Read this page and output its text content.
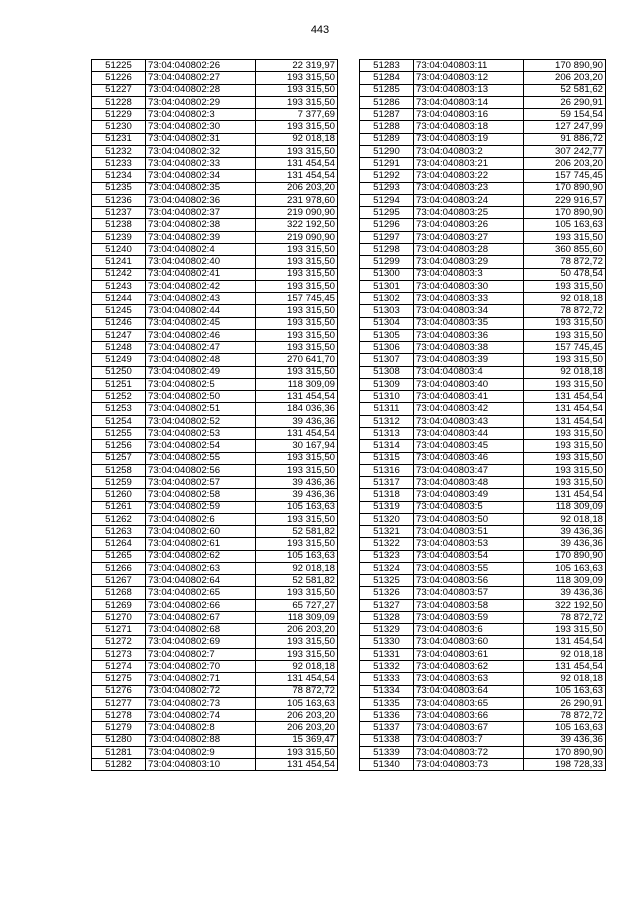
443
51225	73:04:040802:26	22 319,97
51226	73:04:040802:27	193 315,50
51227	73:04:040802:28	193 315,50
51228	73:04:040802:29	193 315,50
51229	73:04:040802:3	7 377,69
51230	73:04:040802:30	193 315,50
51231	73:04:040802:31	92 018,18
51232	73:04:040802:32	193 315,50
51233	73:04:040802:33	131 454,54
51234	73:04:040802:34	131 454,54
51235	73:04:040802:35	206 203,20
51236	73:04:040802:36	231 978,60
51237	73:04:040802:37	219 090,90
51238	73:04:040802:38	322 192,50
51239	73:04:040802:39	219 090,90
51240	73:04:040802:4	193 315,50
51241	73:04:040802:40	193 315,50
51242	73:04:040802:41	193 315,50
51243	73:04:040802:42	193 315,50
51244	73:04:040802:43	157 745,45
51245	73:04:040802:44	193 315,50
51246	73:04:040802:45	193 315,50
51247	73:04:040802:46	193 315,50
51248	73:04:040802:47	193 315,50
51249	73:04:040802:48	270 641,70
51250	73:04:040802:49	193 315,50
51251	73:04:040802:5	118 309,09
51252	73:04:040802:50	131 454,54
51253	73:04:040802:51	184 036,36
51254	73:04:040802:52	39 436,36
51255	73:04:040802:53	131 454,54
51256	73:04:040802:54	30 167,94
51257	73:04:040802:55	193 315,50
51258	73:04:040802:56	193 315,50
51259	73:04:040802:57	39 436,36
51260	73:04:040802:58	39 436,36
51261	73:04:040802:59	105 163,63
51262	73:04:040802:6	193 315,50
51263	73:04:040802:60	52 581,82
51264	73:04:040802:61	193 315,50
51265	73:04:040802:62	105 163,63
51266	73:04:040802:63	92 018,18
51267	73:04:040802:64	52 581,82
51268	73:04:040802:65	193 315,50
51269	73:04:040802:66	65 727,27
51270	73:04:040802:67	118 309,09
51271	73:04:040802:68	206 203,20
51272	73:04:040802:69	193 315,50
51273	73:04:040802:7	193 315,50
51274	73:04:040802:70	92 018,18
51275	73:04:040802:71	131 454,54
51276	73:04:040802:72	78 872,72
51277	73:04:040802:73	105 163,63
51278	73:04:040802:74	206 203,20
51279	73:04:040802:8	206 203,20
51280	73:04:040802:88	15 369,47
51281	73:04:040802:9	193 315,50
51282	73:04:040803:10	131 454,54
51283	73:04:040803:11	170 890,90
51284	73:04:040803:12	206 203,20
51285	73:04:040803:13	52 581,62
51286	73:04:040803:14	26 290,91
51287	73:04:040803:16	59 154,54
51288	73:04:040803:18	127 247,99
51289	73:04:040803:19	91 886,72
51290	73:04:040803:2	307 242,77
51291	73:04:040803:21	206 203,20
51292	73:04:040803:22	157 745,45
51293	73:04:040803:23	170 890,90
51294	73:04:040803:24	229 916,57
51295	73:04:040803:25	170 890,90
51296	73:04:040803:26	105 163,63
51297	73:04:040803:27	193 315,50
51298	73:04:040803:28	360 855,60
51299	73:04:040803:29	78 872,72
51300	73:04:040803:3	50 478,54
51301	73:04:040803:30	193 315,50
51302	73:04:040803:33	92 018,18
51303	73:04:040803:34	78 872,72
51304	73:04:040803:35	193 315,50
51305	73:04:040803:36	193 315,50
51306	73:04:040803:38	157 745,45
51307	73:04:040803:39	193 315,50
51308	73:04:040803:4	92 018,18
51309	73:04:040803:40	193 315,50
51310	73:04:040803:41	131 454,54
51311	73:04:040803:42	131 454,54
51312	73:04:040803:43	131 454,54
51313	73:04:040803:44	193 315,50
51314	73:04:040803:45	193 315,50
51315	73:04:040803:46	193 315,50
51316	73:04:040803:47	193 315,50
51317	73:04:040803:48	193 315,50
51318	73:04:040803:49	131 454,54
51319	73:04:040803:5	118 309,09
51320	73:04:040803:50	92 018,18
51321	73:04:040803:51	39 436,36
51322	73:04:040803:53	39 436,36
51323	73:04:040803:54	170 890,90
51324	73:04:040803:55	105 163,63
51325	73:04:040803:56	118 309,09
51326	73:04:040803:57	39 436,36
51327	73:04:040803:58	322 192,50
51328	73:04:040803:59	78 872,72
51329	73:04:040803:6	193 315,50
51330	73:04:040803:60	131 454,54
51331	73:04:040803:61	92 018,18
51332	73:04:040803:62	131 454,54
51333	73:04:040803:63	92 018,18
51334	73:04:040803:64	105 163,63
51335	73:04:040803:65	26 290,91
51336	73:04:040803:66	78 872,72
51337	73:04:040803:67	105 163,63
51338	73:04:040803:7	39 436,36
51339	73:04:040803:72	170 890,90
51340	73:04:040803:73	198 728,33
